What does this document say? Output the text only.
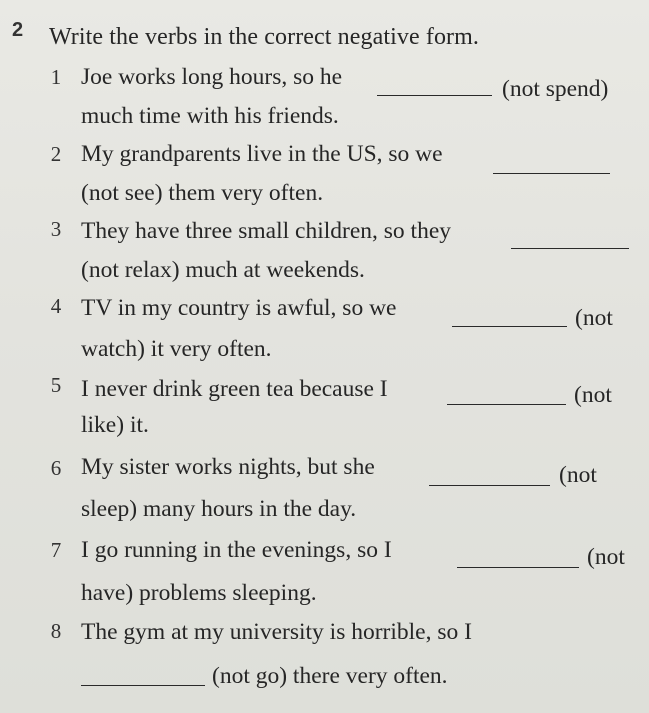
2 Write the verbs in the correct negative form.
1 Joe works long hours, so he	(not spend)
much time with his friends.
2 My grandparents live in the US, so we
(not see) them very often.
3 They have three small children, so they
(not relax) much at weekends.
4 TV in my country is awful, so we	(not
watch) it very often.
5 I never drink green tea because I	(not
like) it.
6 My sister works nights, but she	(not
sleep) many hours in the day.
7 I go running in the evenings, so I	(not
have) problems sleeping.
8 The gym at my university is horrible, so I
(not go) there very often.
